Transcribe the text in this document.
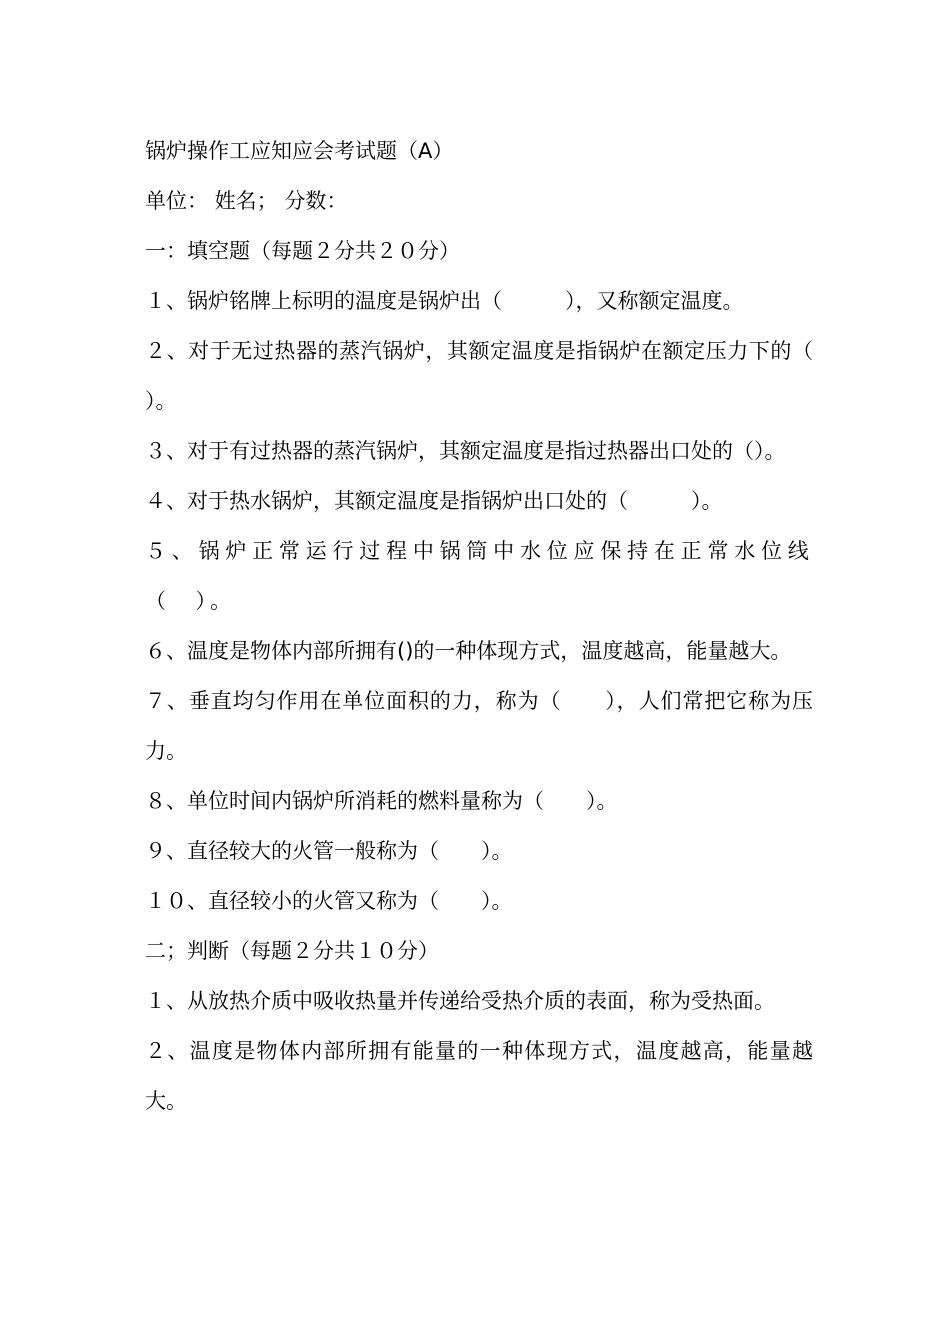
锅炉操作工应知应会考试题（A）
单位： 姓名； 分数：
一：填空题（每题２分共２０分）
１、锅炉铭牌上标明的温度是锅炉出（　　　），又称额定温度。
２、对于无过热器的蒸汽锅炉，其额定温度是指锅炉在额定压力下的（　　）。
３、对于有过热器的蒸汽锅炉，其额定温度是指过热器出口处的（）。
４、对于热水锅炉，其额定温度是指锅炉出口处的（　　　）。
５、锅炉正常运行过程中锅筒中水位应保持在正常水位线（　）。
６、温度是物体内部所拥有()的一种体现方式，温度越高，能量越大。
７、垂直均匀作用在单位面积的力，称为（　　），人们常把它称为压力。
８、单位时间内锅炉所消耗的燃料量称为（　　）。
９、直径较大的火管一般称为（　　）。
１０、直径较小的火管又称为（　　）。
二；判断（每题２分共１０分）
１、从放热介质中吸收热量并传递给受热介质的表面，称为受热面。
２、温度是物体内部所拥有能量的一种体现方式，温度越高，能量越大。
